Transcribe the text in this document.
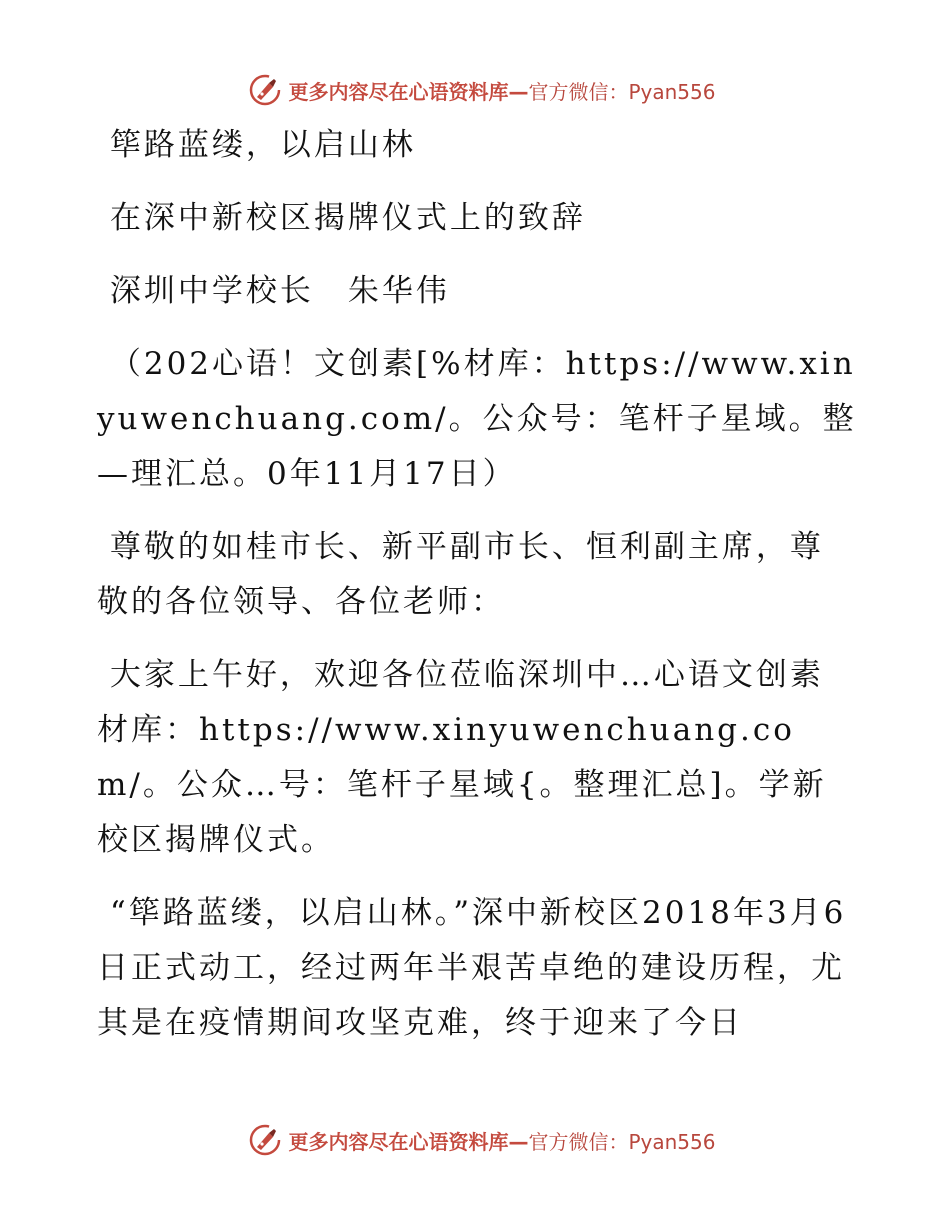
更多内容尽在心语资料库—官方微信：Pyan556

筚路蓝缕，以启山林

在深中新校区揭牌仪式上的致辞

深圳中学校长　朱华伟

（202心语！文创素[%材库：https://www.xinyuwenchuang.com/。公众号：笔杆子星域。整—理汇总。0年11月17日）

尊敬的如桂市长、新平副市长、恒利副主席，尊敬的各位领导、各位老师：

大家上午好，欢迎各位莅临深圳中…心语文创素材库：https://www.xinyuwenchuang.com/。公众…号：笔杆子星域{。整理汇总]。学新校区揭牌仪式。

“筚路蓝缕，以启山林。”深中新校区2018年3月6日正式动工，经过两年半艰苦卓绝的建设历程，尤其是在疫情期间攻坚克难，终于迎来了今日

更多内容尽在心语资料库—官方微信：Pyan556
